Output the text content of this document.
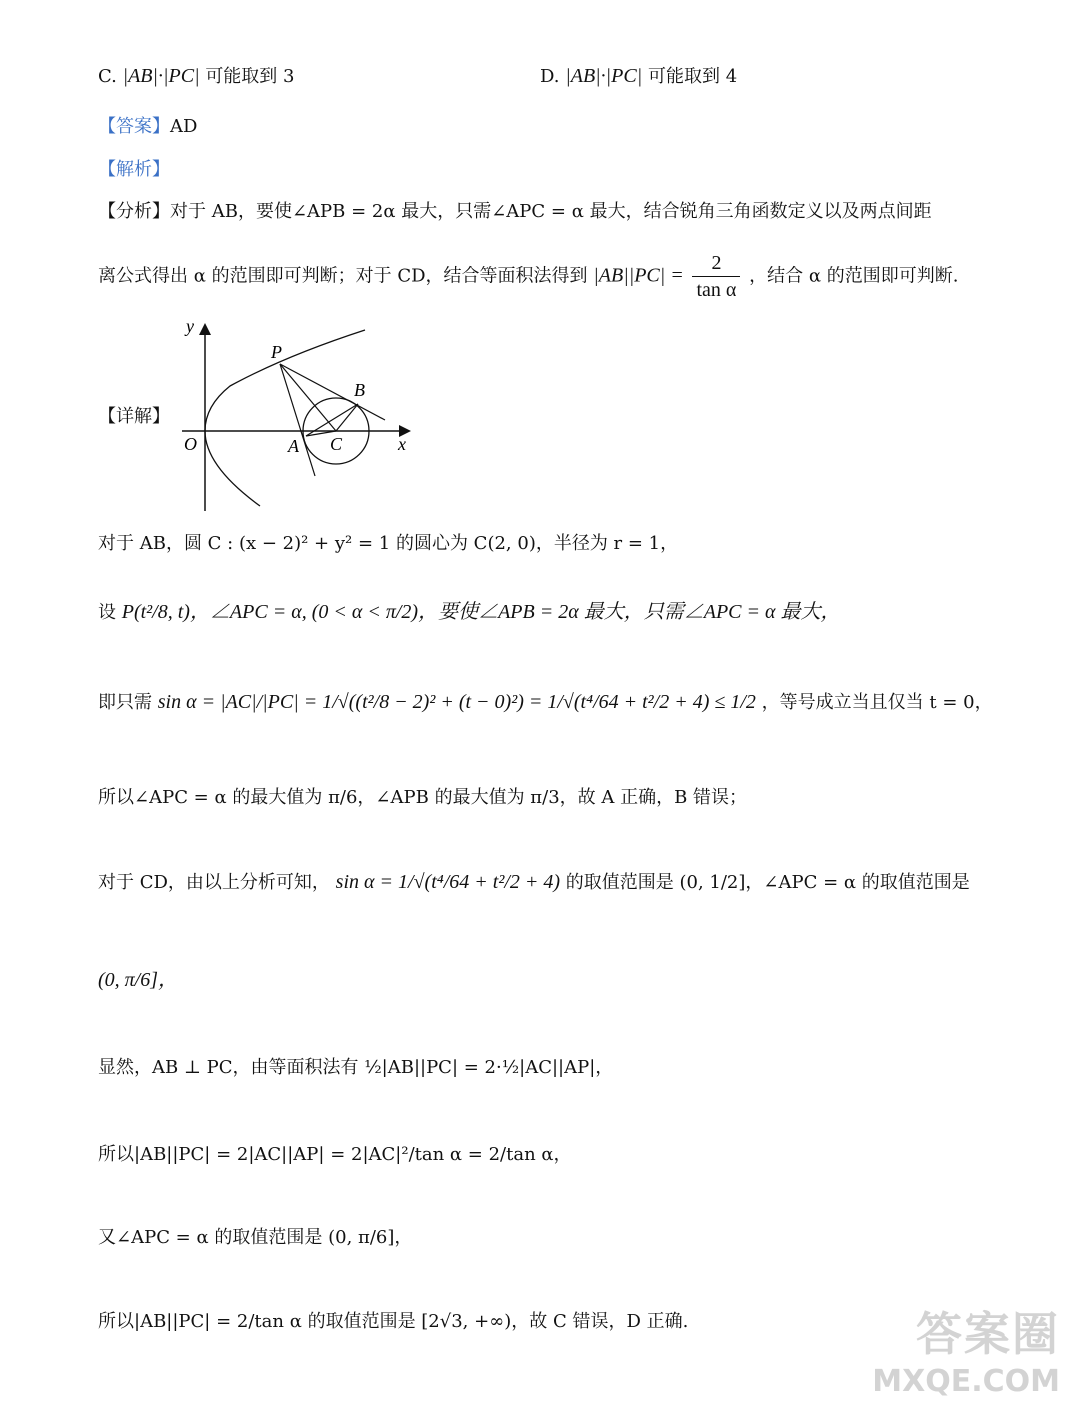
C. |AB|·|PC| 可能取到 3	D. |AB|·|PC| 可能取到 4
【答案】AD
【解析】
【分析】对于 AB，要使∠APB = 2α 最大，只需∠APC = α 最大，结合锐角三角函数定义以及两点间距
离公式得出 α 的范围即可判断；对于 CD，结合等面积法得到 $|AB||PC| = \frac{2}{\text{tan α}}$ ，结合 α 的范围即可判断.
【详解】
y
x
O
P
A
B
C
对于 AB，圆 C : (x − 2)² + y² = 1 的圆心为 C(2, 0)，半径为 r = 1，
设 P(t²/8, t)，∠APC = α, (0 < α < π/2)，要使∠APB = 2α 最大，只需∠APC = α 最大，
即只需 sin α = |AC|/|PC| = 1/√((t²/8 − 2)² + (t − 0)²) = 1/√(t⁴/64 + t²/2 + 4) ≤ 1/2 ，等号成立当且仅当 t = 0，
所以∠APC = α 的最大值为 π/6，∠APB 的最大值为 π/3，故 A 正确，B 错误；
对于 CD，由以上分析可知， sin α = 1/√(t⁴/64 + t²/2 + 4) 的取值范围是 (0, 1/2]，∠APC = α 的取值范围是
(0, π/6]，
显然，AB ⊥ PC，由等面积法有 ½|AB||PC| = 2·½|AC||AP|，
所以|AB||PC| = 2|AC||AP| = 2|AC|²/tan α = 2/tan α，
又∠APC = α 的取值范围是 (0, π/6]，
所以|AB||PC| = 2/tan α 的取值范围是 [2√3, +∞)，故 C 错误，D 正确.	答案圈
MXQE.COM
